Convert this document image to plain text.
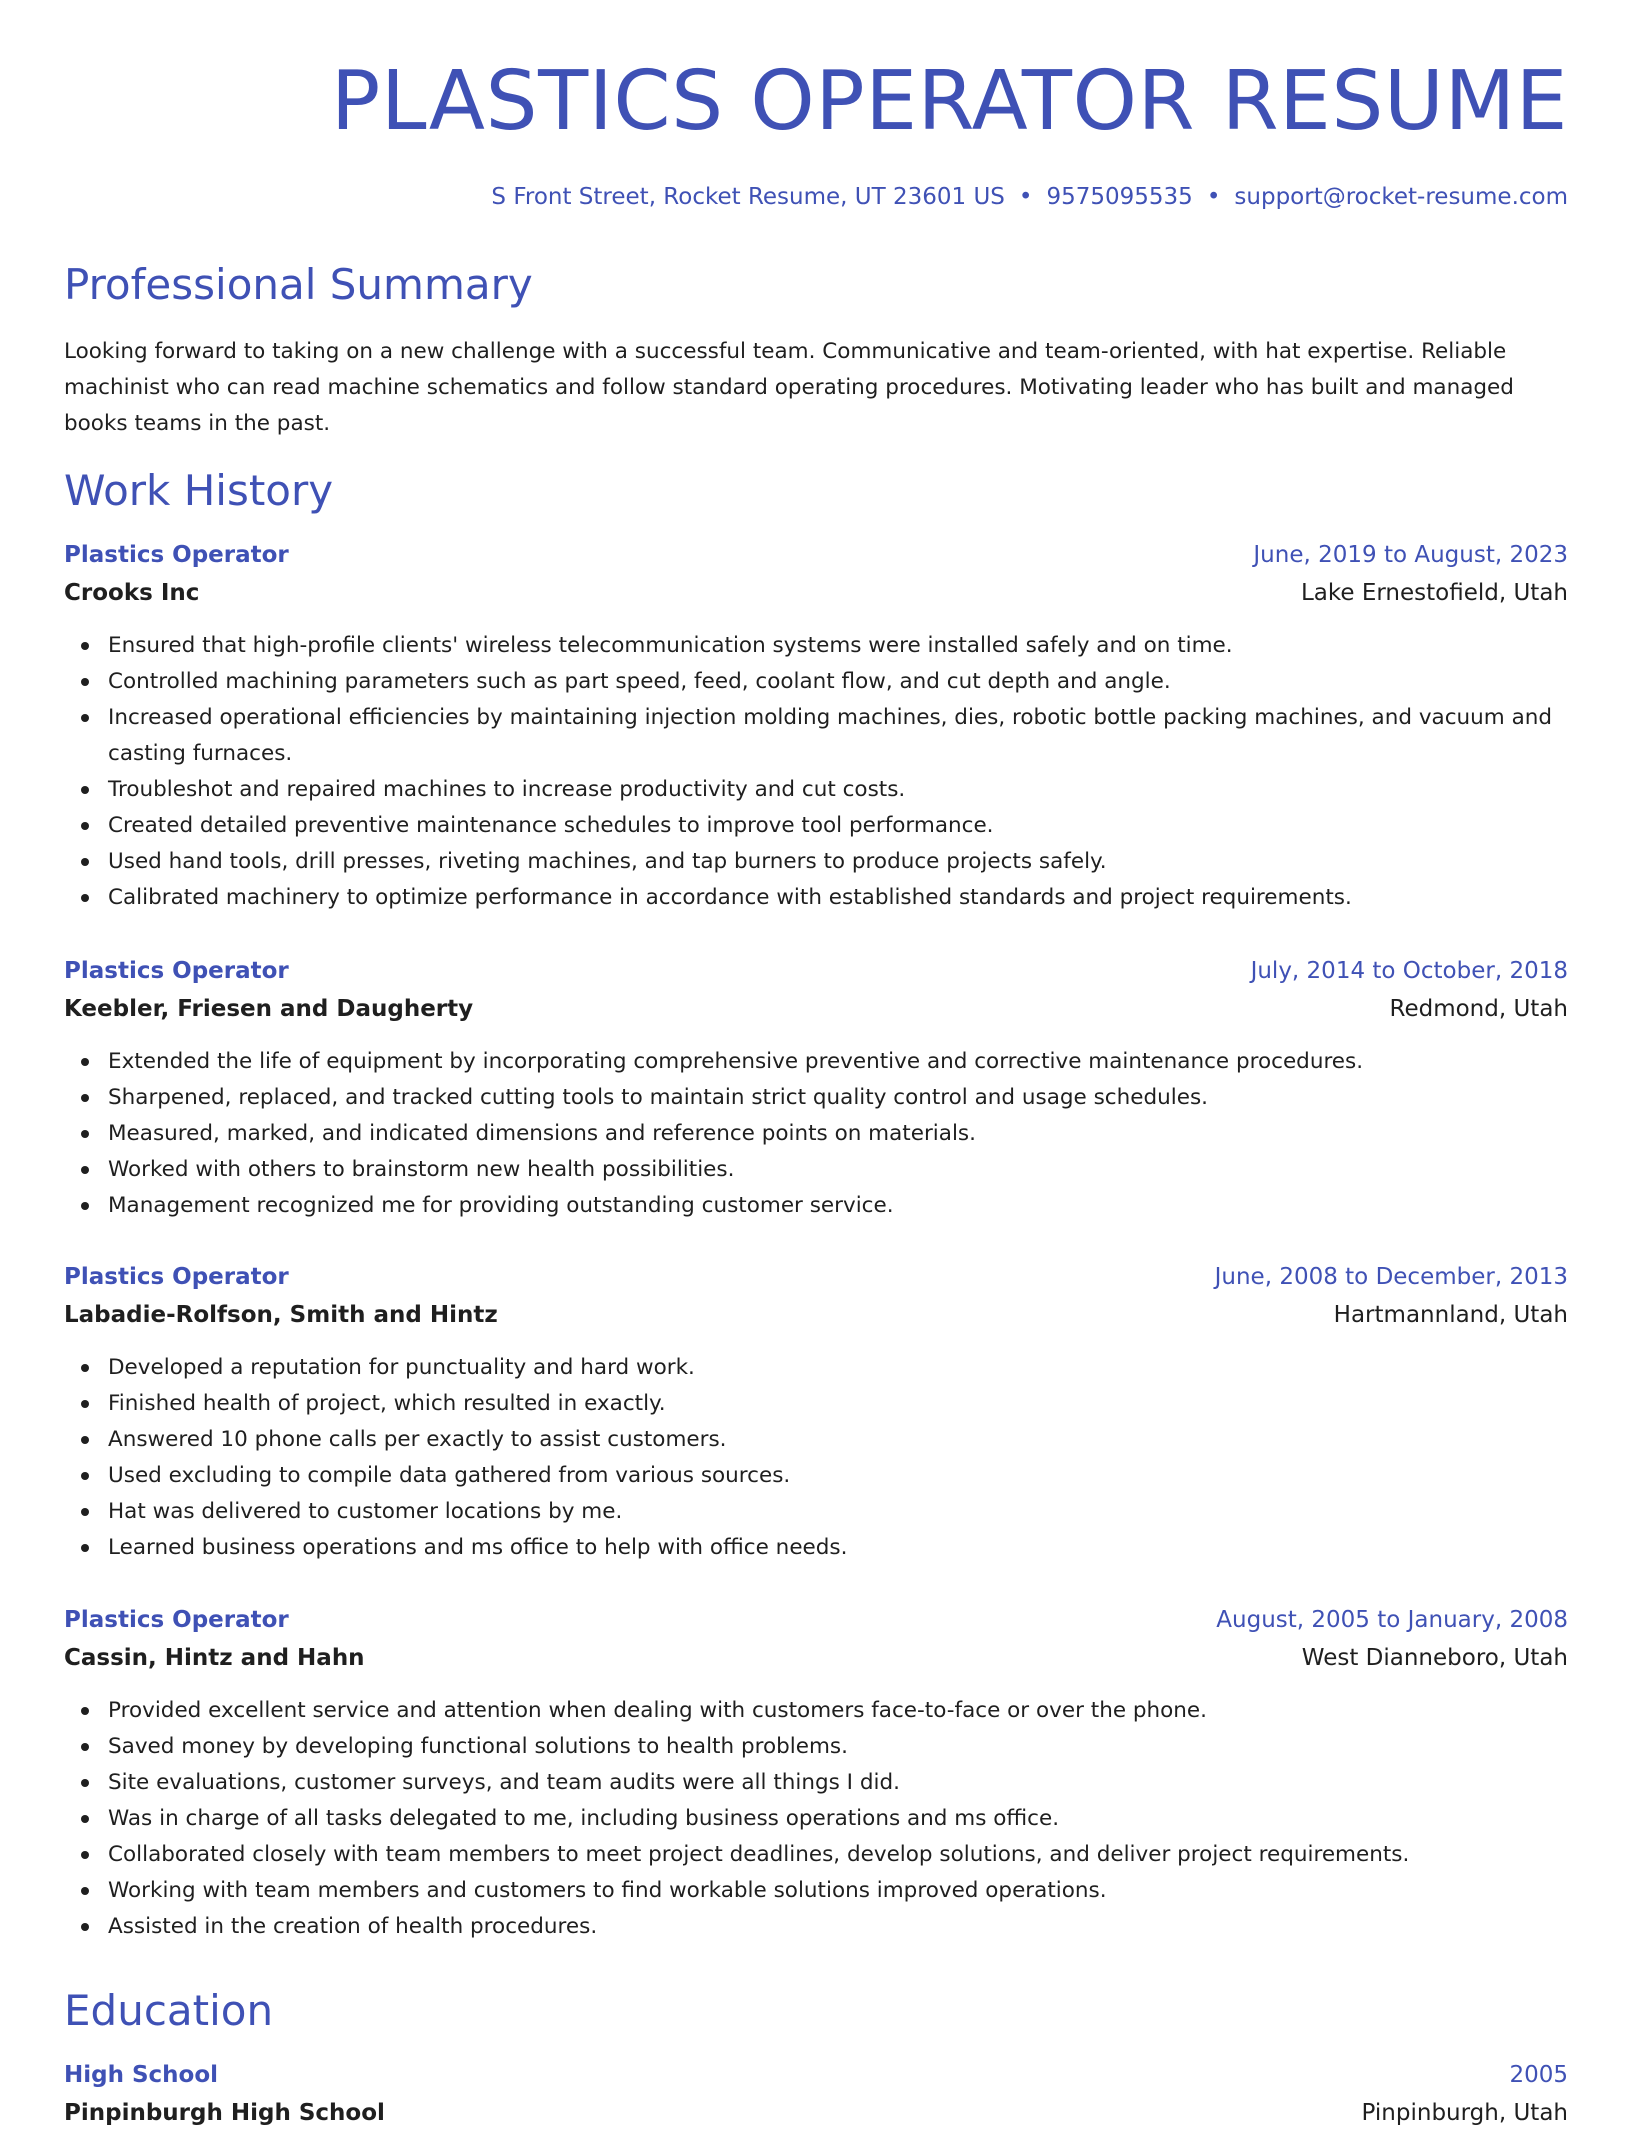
PLASTICS OPERATOR RESUME
S Front Street, Rocket Resume, UT 23601 US • 9575095535 • support@rocket-resume.com
Professional Summary

Looking forward to taking on a new challenge with a successful team. Communicative and team-oriented, with hat expertise. Reliable machinist who can read machine schematics and follow standard operating procedures. Motivating leader who has built and managed books teams in the past.

Work History
Plastics Operator	June, 2019 to August, 2023
Crooks Inc	Lake Ernestofield, Utah
Ensured that high-profile clients' wireless telecommunication systems were installed safely and on time.
Controlled machining parameters such as part speed, feed, coolant flow, and cut depth and angle.
Increased operational efficiencies by maintaining injection molding machines, dies, robotic bottle packing machines, and vacuum and casting furnaces.
Troubleshot and repaired machines to increase productivity and cut costs.
Created detailed preventive maintenance schedules to improve tool performance.
Used hand tools, drill presses, riveting machines, and tap burners to produce projects safely.
Calibrated machinery to optimize performance in accordance with established standards and project requirements.
Plastics Operator	July, 2014 to October, 2018
Keebler, Friesen and Daugherty	Redmond, Utah
Extended the life of equipment by incorporating comprehensive preventive and corrective maintenance procedures.
Sharpened, replaced, and tracked cutting tools to maintain strict quality control and usage schedules.
Measured, marked, and indicated dimensions and reference points on materials.
Worked with others to brainstorm new health possibilities.
Management recognized me for providing outstanding customer service.
Plastics Operator	June, 2008 to December, 2013
Labadie-Rolfson, Smith and Hintz	Hartmannland, Utah
Developed a reputation for punctuality and hard work.
Finished health of project, which resulted in exactly.
Answered 10 phone calls per exactly to assist customers.
Used excluding to compile data gathered from various sources.
Hat was delivered to customer locations by me.
Learned business operations and ms office to help with office needs.
Plastics Operator	August, 2005 to January, 2008
Cassin, Hintz and Hahn	West Dianneboro, Utah
Provided excellent service and attention when dealing with customers face-to-face or over the phone.
Saved money by developing functional solutions to health problems.
Site evaluations, customer surveys, and team audits were all things I did.
Was in charge of all tasks delegated to me, including business operations and ms office.
Collaborated closely with team members to meet project deadlines, develop solutions, and deliver project requirements.
Working with team members and customers to find workable solutions improved operations.
Assisted in the creation of health procedures.
Education
High School	2005
Pinpinburgh High School	Pinpinburgh, Utah
